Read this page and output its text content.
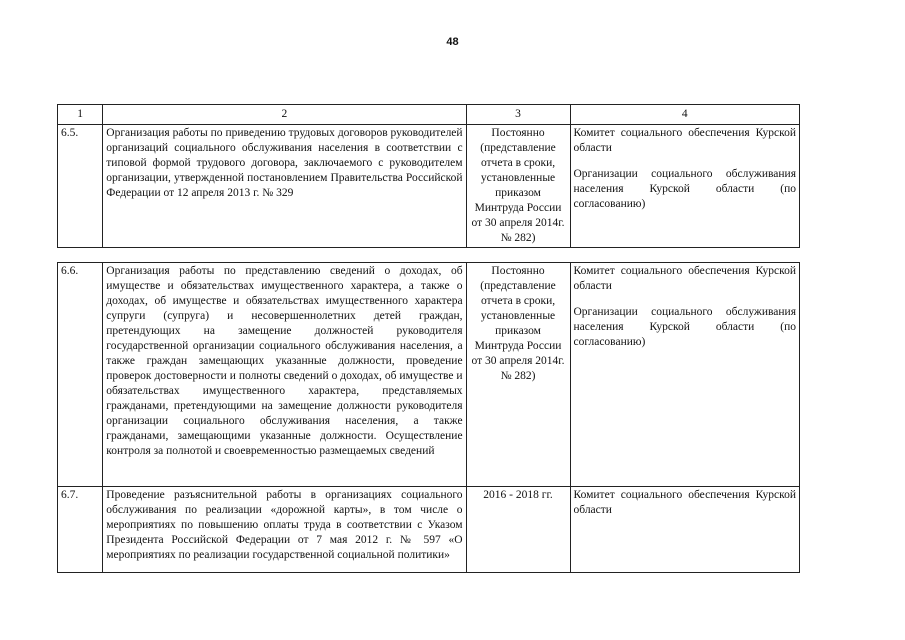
48
1	2	3	4
6.5.	Организация работы по приведению трудовых договоров руководителей организаций социального обслуживания населения в соответствии с типовой формой трудового договора, заключаемого с руководителем организации, утвержденной постановлением Правительства Российской Федерации от 12 апреля 2013 г. № 329	Постоянно (представление отчета в сроки, установленные приказом Минтруда России от 30 апреля 2014г. № 282)	Комитет социального обеспечения Курской области
Организации социального обслуживания населения Курской области (по согласованию)
6.6.	Организация работы по представлению сведений о доходах, об имуществе и обязательствах имущественного характера, а также о доходах, об имуществе и обязательствах имущественного характера супруги (супруга) и несовершеннолетних детей граждан, претендующих на замещение должностей руководителя государственной организации социального обслуживания населения, а также граждан замещающих указанные должности, проведение проверок достоверности и полноты сведений о доходах, об имуществе и обязательствах имущественного характера, представляемых гражданами, претендующими на замещение должности руководителя организации социального обслуживания населения, а также гражданами, замещающими указанные должности. Осуществление контроля за полнотой и своевременностью размещаемых сведений	Постоянно (представление отчета в сроки, установленные приказом Минтруда России от 30 апреля 2014г. № 282)	Комитет социального обеспечения Курской области
Организации социального обслуживания населения Курской области (по согласованию)

6.7.	Проведение разъяснительной работы в организациях социального обслуживания по реализации «дорожной карты», в том числе о мероприятиях по повышению оплаты труда в соответствии с Указом Президента Российской Федерации от 7 мая 2012 г. № 597 «О мероприятиях по реализации государственной социальной политики»	2016 - 2018 гг.	Комитет социального обеспечения Курской области
